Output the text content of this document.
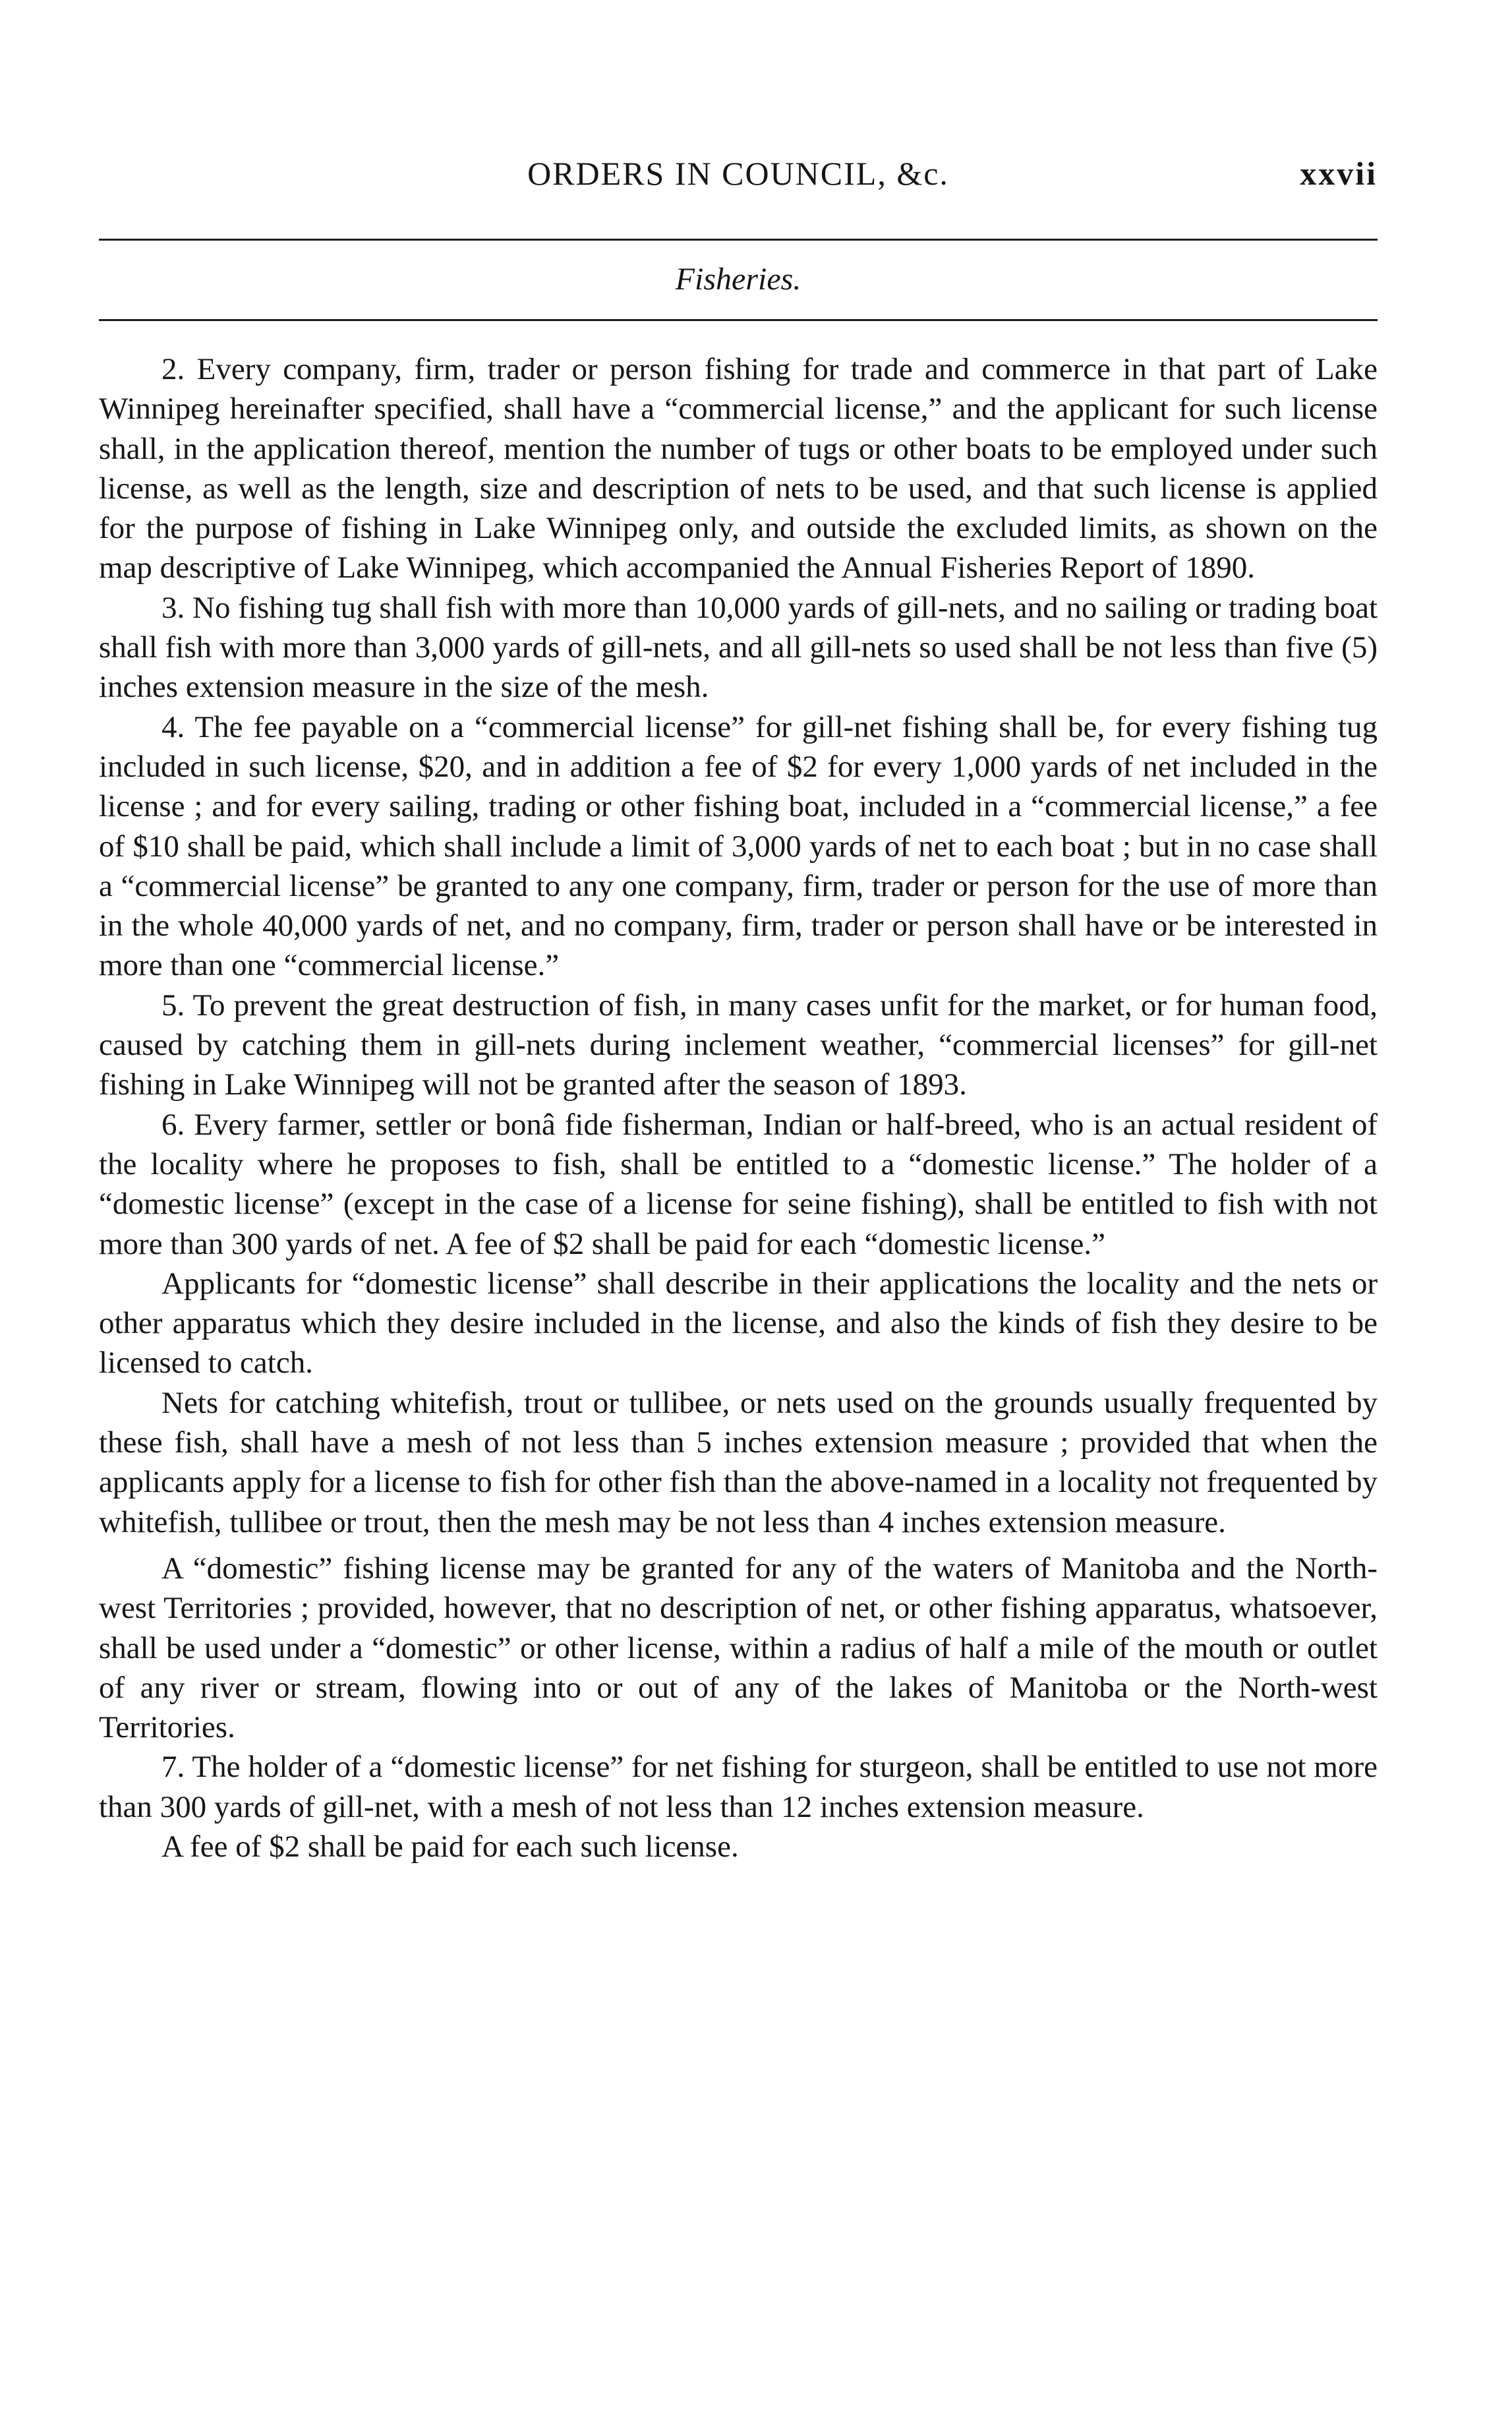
ORDERS IN COUNCIL, &c.	xxvii
Fisheries.

2. Every company, firm, trader or person fishing for trade and commerce in that part of Lake Winnipeg hereinafter specified, shall have a “commercial license,” and the applicant for such license shall, in the application thereof, mention the number of tugs or other boats to be employed under such license, as well as the length, size and description of nets to be used, and that such license is applied for the purpose of fishing in Lake Winnipeg only, and outside the excluded limits, as shown on the map descriptive of Lake Winnipeg, which accompanied the Annual Fisheries Report of 1890.

3. No fishing tug shall fish with more than 10,000 yards of gill-nets, and no sailing or trading boat shall fish with more than 3,000 yards of gill-nets, and all gill-nets so used shall be not less than five (5) inches extension measure in the size of the mesh.

4. The fee payable on a “commercial license” for gill-net fishing shall be, for every fishing tug included in such license, $20, and in addition a fee of $2 for every 1,000 yards of net included in the license ; and for every sailing, trading or other fishing boat, included in a “commercial license,” a fee of $10 shall be paid, which shall include a limit of 3,000 yards of net to each boat ; but in no case shall a “commercial license” be granted to any one company, firm, trader or person for the use of more than in the whole 40,000 yards of net, and no company, firm, trader or person shall have or be interested in more than one “commercial license.”

5. To prevent the great destruction of fish, in many cases unfit for the market, or for human food, caused by catching them in gill-nets during inclement weather, “commercial licenses” for gill-net fishing in Lake Winnipeg will not be granted after the season of 1893.

6. Every farmer, settler or bonâ fide fisherman, Indian or half-breed, who is an actual resident of the locality where he proposes to fish, shall be entitled to a “domestic license.” The holder of a “domestic license” (except in the case of a license for seine fishing), shall be entitled to fish with not more than 300 yards of net. A fee of $2 shall be paid for each “domestic license.”

Applicants for “domestic license” shall describe in their applications the locality and the nets or other apparatus which they desire included in the license, and also the kinds of fish they desire to be licensed to catch.

Nets for catching whitefish, trout or tullibee, or nets used on the grounds usually frequented by these fish, shall have a mesh of not less than 5 inches extension measure ; provided that when the applicants apply for a license to fish for other fish than the above-named in a locality not frequented by whitefish, tullibee or trout, then the mesh may be not less than 4 inches extension measure.

A “domestic” fishing license may be granted for any of the waters of Manitoba and the North-west Territories ; provided, however, that no description of net, or other fishing apparatus, whatsoever, shall be used under a “domestic” or other license, within a radius of half a mile of the mouth or outlet of any river or stream, flowing into or out of any of the lakes of Manitoba or the North-west Territories.

7. The holder of a “domestic license” for net fishing for sturgeon, shall be entitled to use not more than 300 yards of gill-net, with a mesh of not less than 12 inches extension measure.

A fee of $2 shall be paid for each such license.
